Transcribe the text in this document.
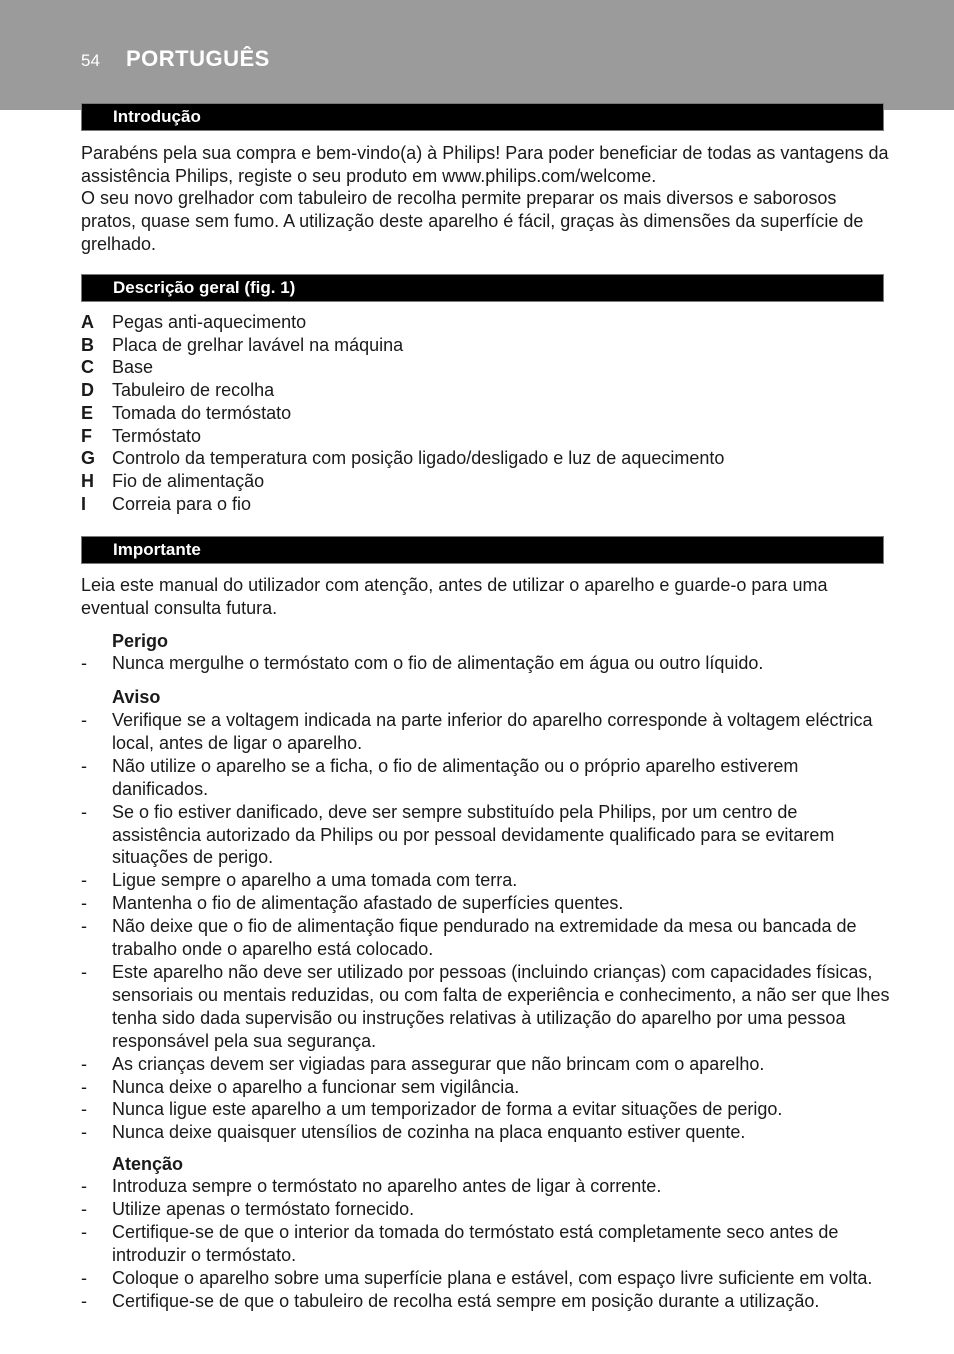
54 PORTUGUÊS
Introdução

Parabéns pela sua compra e bem-vindo(a) à Philips! Para poder beneficiar de todas as vantagens da assistência Philips, registe o seu produto em www.philips.com/welcome.

O seu novo grelhador com tabuleiro de recolha permite preparar os mais diversos e saborosos pratos, quase sem fumo. A utilização deste aparelho é fácil, graças às dimensões da superfície de grelhado.

Descrição geral (fig. 1)
A	Pegas anti-aquecimento
B	Placa de grelhar lavável na máquina
C	Base
D	Tabuleiro de recolha
E	Tomada do termóstato
F	Termóstato
G Controlo da temperatura com posição ligado/desligado e luz de aquecimento
H	Fio de alimentação
I	Correia para o fio
Importante
Leia este manual do utilizador com atenção, antes de utilizar o aparelho e guarde-o para uma eventual consulta futura.
Perigo
-	Nunca mergulhe o termóstato com o fio de alimentação em água ou outro líquido.
Aviso
-	Verifique se a voltagem indicada na parte inferior do aparelho corresponde à voltagem eléctrica local, antes de ligar o aparelho.
-	Não utilize o aparelho se a ficha, o fio de alimentação ou o próprio aparelho estiverem danificados.
-	Se o fio estiver danificado, deve ser sempre substituído pela Philips, por um centro de assistência autorizado da Philips ou por pessoal devidamente qualificado para se evitarem situações de perigo.
-	Ligue sempre o aparelho a uma tomada com terra.
-	Mantenha o fio de alimentação afastado de superfícies quentes.
-	Não deixe que o fio de alimentação fique pendurado na extremidade da mesa ou bancada de trabalho onde o aparelho está colocado.
-	Este aparelho não deve ser utilizado por pessoas (incluindo crianças) com capacidades físicas, sensoriais ou mentais reduzidas, ou com falta de experiência e conhecimento, a não ser que lhes tenha sido dada supervisão ou instruções relativas à utilização do aparelho por uma pessoa responsável pela sua segurança.
-	As crianças devem ser vigiadas para assegurar que não brincam com o aparelho.
-	Nunca deixe o aparelho a funcionar sem vigilância.
-	Nunca ligue este aparelho a um temporizador de forma a evitar situações de perigo.
-	Nunca deixe quaisquer utensílios de cozinha na placa enquanto estiver quente.
Atenção
-	Introduza sempre o termóstato no aparelho antes de ligar à corrente.
-	Utilize apenas o termóstato fornecido.
-	Certifique-se de que o interior da tomada do termóstato está completamente seco antes de introduzir o termóstato.
-	Coloque o aparelho sobre uma superfície plana e estável, com espaço livre suficiente em volta.
-	Certifique-se de que o tabuleiro de recolha está sempre em posição durante a utilização.
